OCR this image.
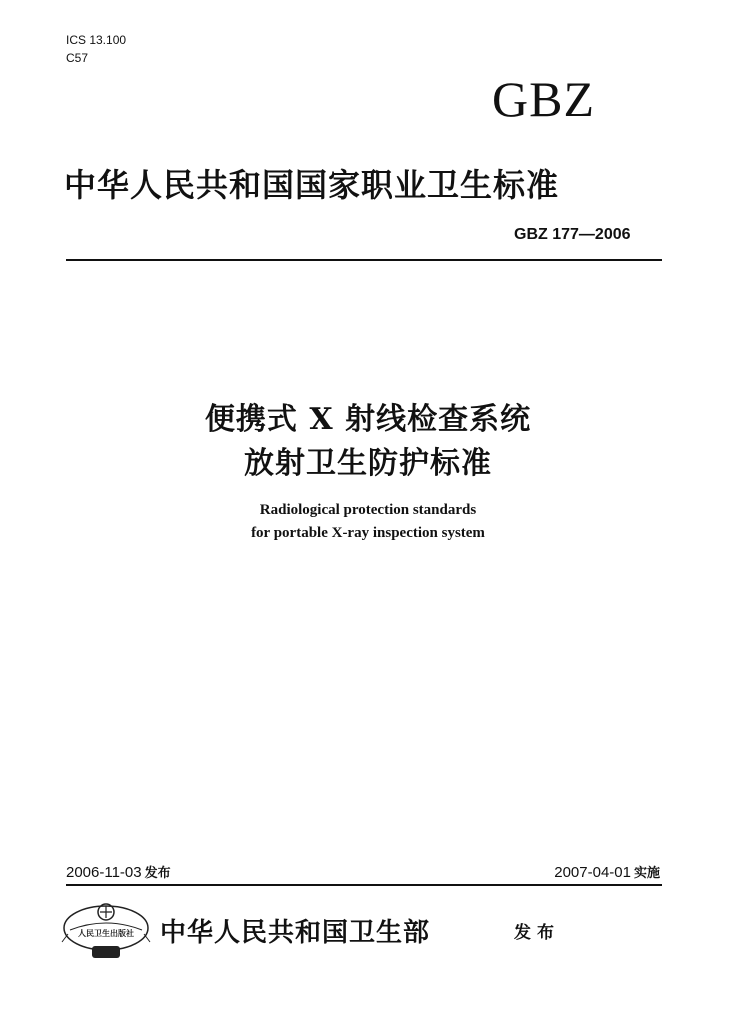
ICS 13.100
C57
GBZ
中华人民共和国国家职业卫生标准
GBZ 177—2006
便携式 X 射线检查系统
放射卫生防护标准
Radiological protection standards
for portable X-ray inspection system
2006-11-03 发布	2007-04-01 实施
人民卫生出版社 中华人民共和国卫生部	发布
